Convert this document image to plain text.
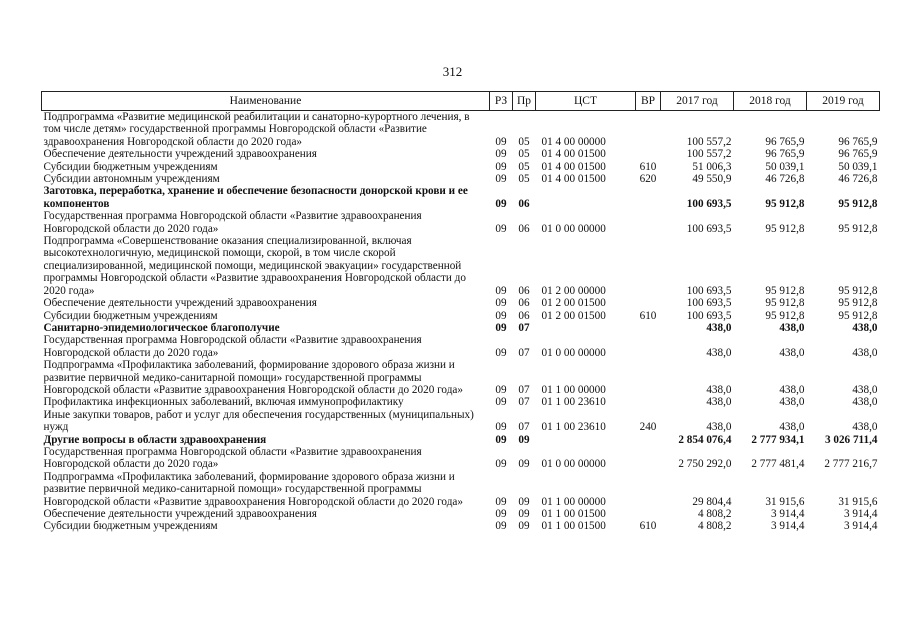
312
Наименование	РЗ	Пр	ЦСТ	ВР	2017 год	2018 год	2019 год
Подпрограмма «Развитие медицинской реабилитации и санаторно-курортного лечения, в том числе детям» государственной программы Новгородской области «Развитие здравоохранения Новгородской области до 2020 года»	09	05	01 4 00 00000		100 557,2	96 765,9	96 765,9
Обеспечение деятельности учреждений здравоохранения	09	05	01 4 00 01500		100 557,2	96 765,9	96 765,9
Субсидии бюджетным учреждениям	09	05	01 4 00 01500	610	51 006,3	50 039,1	50 039,1
Субсидии автономным учреждениям	09	05	01 4 00 01500	620	49 550,9	46 726,8	46 726,8
Заготовка, переработка, хранение и обеспечение безопасности донорской крови и ее компонентов	09	06			100 693,5	95 912,8	95 912,8
Государственная программа Новгородской области «Развитие здравоохранения Новгородской области до 2020 года»	09	06	01 0 00 00000		100 693,5	95 912,8	95 912,8
Подпрограмма «Совершенствование оказания специализированной, включая высокотехнологичную, медицинской помощи, скорой, в том числе скорой специализированной, медицинской помощи, медицинской эвакуации» государственной программы Новгородской области «Развитие здравоохранения Новгородской области до 2020 года»	09	06	01 2 00 00000		100 693,5	95 912,8	95 912,8
Обеспечение деятельности учреждений здравоохранения	09	06	01 2 00 01500		100 693,5	95 912,8	95 912,8
Субсидии бюджетным учреждениям	09	06	01 2 00 01500	610	100 693,5	95 912,8	95 912,8
Санитарно-эпидемиологическое благополучие	09	07			438,0	438,0	438,0
Государственная программа Новгородской области «Развитие здравоохранения Новгородской области до 2020 года»	09	07	01 0 00 00000		438,0	438,0	438,0
Подпрограмма «Профилактика заболеваний, формирование здорового образа жизни и развитие первичной медико-санитарной помощи» государственной программы Новгородской области «Развитие здравоохранения Новгородской области до 2020 года»	09	07	01 1 00 00000		438,0	438,0	438,0
Профилактика инфекционных заболеваний, включая иммунопрофилактику	09	07	01 1 00 23610		438,0	438,0	438,0
Иные закупки товаров, работ и услуг для обеспечения государственных (муниципальных) нужд	09	07	01 1 00 23610	240	438,0	438,0	438,0
Другие вопросы в области здравоохранения	09	09			2 854 076,4	2 777 934,1	3 026 711,4
Государственная программа Новгородской области «Развитие здравоохранения Новгородской области до 2020 года»	09	09	01 0 00 00000		2 750 292,0	2 777 481,4	2 777 216,7
Подпрограмма «Профилактика заболеваний, формирование здорового образа жизни и развитие первичной медико-санитарной помощи» государственной программы Новгородской области «Развитие здравоохранения Новгородской области до 2020 года»	09	09	01 1 00 00000		29 804,4	31 915,6	31 915,6
Обеспечение деятельности учреждений здравоохранения	09	09	01 1 00 01500		4 808,2	3 914,4	3 914,4
Субсидии бюджетным учреждениям	09	09	01 1 00 01500	610	4 808,2	3 914,4	3 914,4
